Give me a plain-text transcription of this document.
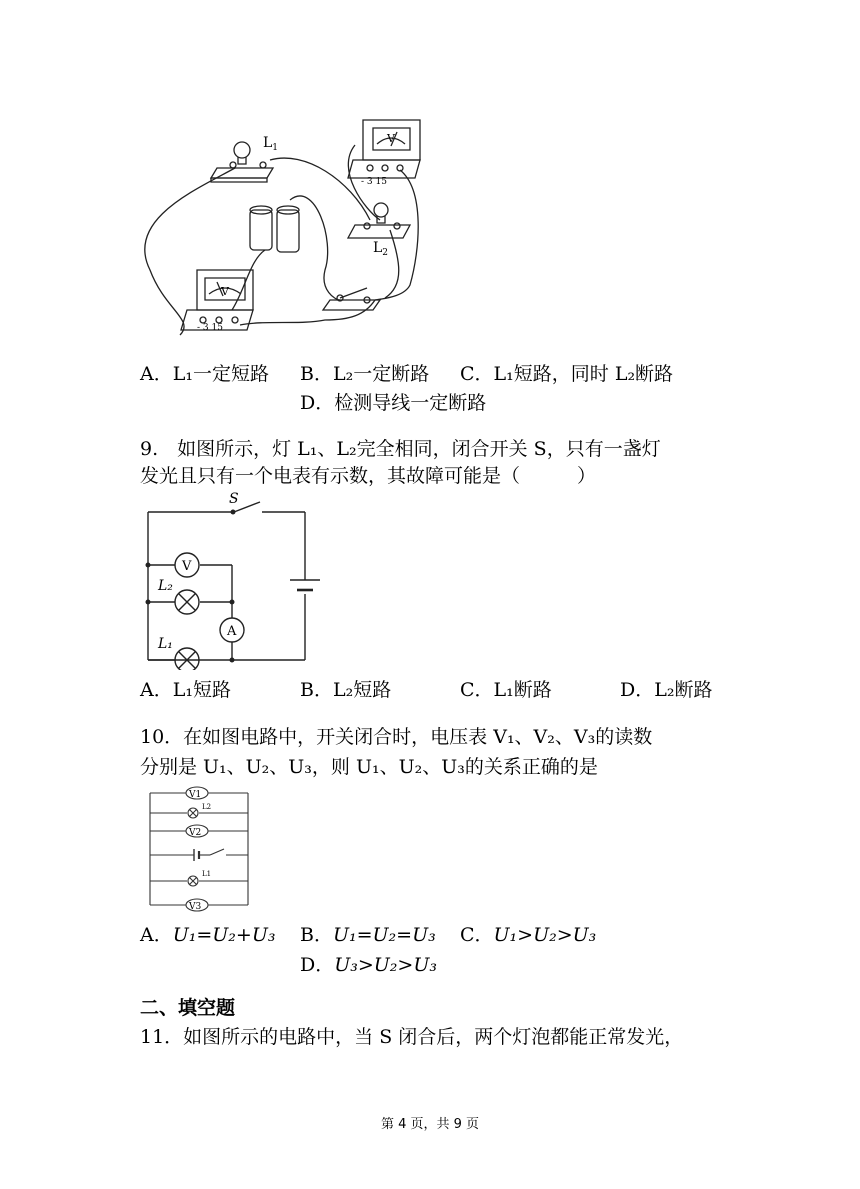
$L_1$
$L_2$
V
V
- 3 15
- 3 15
A．L₁一定短路 B．L₂一定断路 C．L₁短路，同时 L₂断路
D．检测导线一定断路
9.　如图所示，灯 L₁、L₂完全相同，闭合开关 S，只有一盏灯
发光且只有一个电表有示数，其故障可能是（　　　）
S
V
A
L₂
L₁
A．L₁短路	B．L₂短路	C．L₁断路	D．L₂断路
10．在如图电路中，开关闭合时，电压表 V₁、V₂、V₃的读数
分别是 U₁、U₂、U₃，则 U₁、U₂、U₃的关系正确的是
V1
L2
V2
L1
V3
A．U₁=U₂+U₃ B．U₁=U₂=U₃ C．U₁>U₂>U₃
D．U₃>U₂>U₃
二、填空题
11．如图所示的电路中，当 S 闭合后，两个灯泡都能正常发光，
第 4 页，共 9 页
